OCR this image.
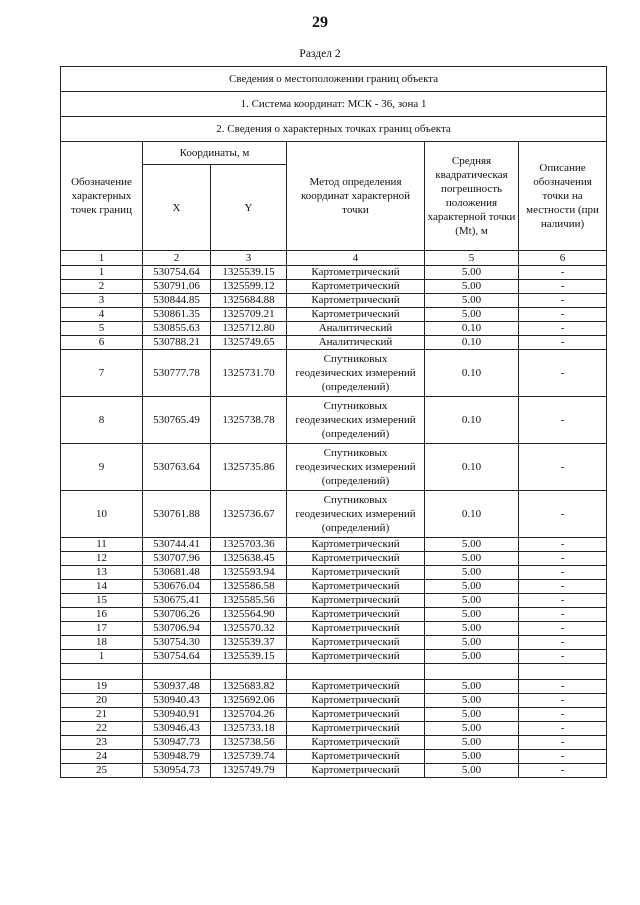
29
Раздел 2
Сведения о местоположении границ объекта					
1. Система координат: МСК - 36, зона 1					
2. Сведения о характерных точках границ объекта					
Обозначение характерных точек границ	Координаты, м		Метод определения координат характерной точки	Средняя квадратическая погрешность положения характерной точки (Mt), м	Описание обозначения точки на местности (при наличии)
	X	Y			
1	2	3	4	5	6
1	530754.64	1325539.15	Картометрический	5.00	-
2	530791.06	1325599.12	Картометрический	5.00	-
3	530844.85	1325684.88	Картометрический	5.00	-
4	530861.35	1325709.21	Картометрический	5.00	-
5	530855.63	1325712.80	Аналитический	0.10	-
6	530788.21	1325749.65	Аналитический	0.10	-
7	530777.78	1325731.70	Спутниковых геодезических измерений (определений)	0.10	-
8	530765.49	1325738.78	Спутниковых геодезических измерений (определений)	0.10	-
9	530763.64	1325735.86	Спутниковых геодезических измерений (определений)	0.10	-
10	530761.88	1325736.67	Спутниковых геодезических измерений (определений)	0.10	-
11	530744.41	1325703.36	Картометрический	5.00	-
12	530707.96	1325638.45	Картометрический	5.00	-
13	530681.48	1325593.94	Картометрический	5.00	-
14	530676.04	1325586.58	Картометрический	5.00	-
15	530675.41	1325585.56	Картометрический	5.00	-
16	530706.26	1325564.90	Картометрический	5.00	-
17	530706.94	1325570.32	Картометрический	5.00	-
18	530754.30	1325539.37	Картометрический	5.00	-
1	530754.64	1325539.15	Картометрический	5.00	-

19	530937.48	1325683.82	Картометрический	5.00	-
20	530940.43	1325692.06	Картометрический	5.00	-
21	530940.91	1325704.26	Картометрический	5.00	-
22	530946.43	1325733.18	Картометрический	5.00	-
23	530947.73	1325738.56	Картометрический	5.00	-
24	530948.79	1325739.74	Картометрический	5.00	-
25	530954.73	1325749.79	Картометрический	5.00	-
